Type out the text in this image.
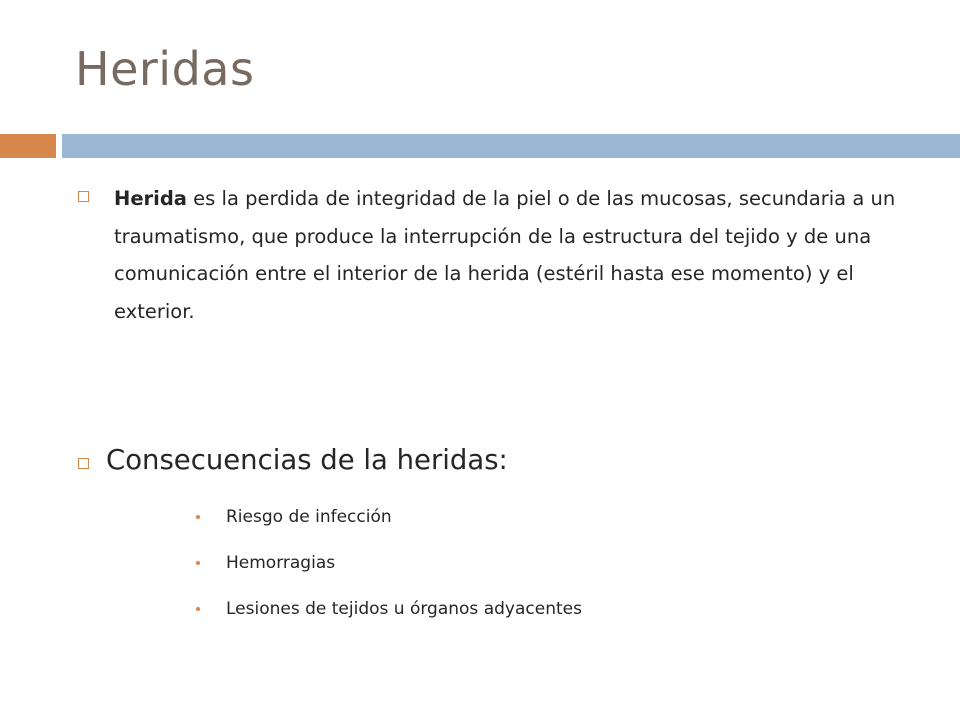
Heridas
Herida es la perdida de integridad de la piel o de las mucosas, secundaria a un traumatismo, que produce la interrupción de la estructura del tejido y de una comunicación entre el interior de la herida (estéril hasta ese momento) y el exterior.
Consecuencias de la heridas:
Riesgo de infección
Hemorragias
Lesiones de tejidos u órganos adyacentes
